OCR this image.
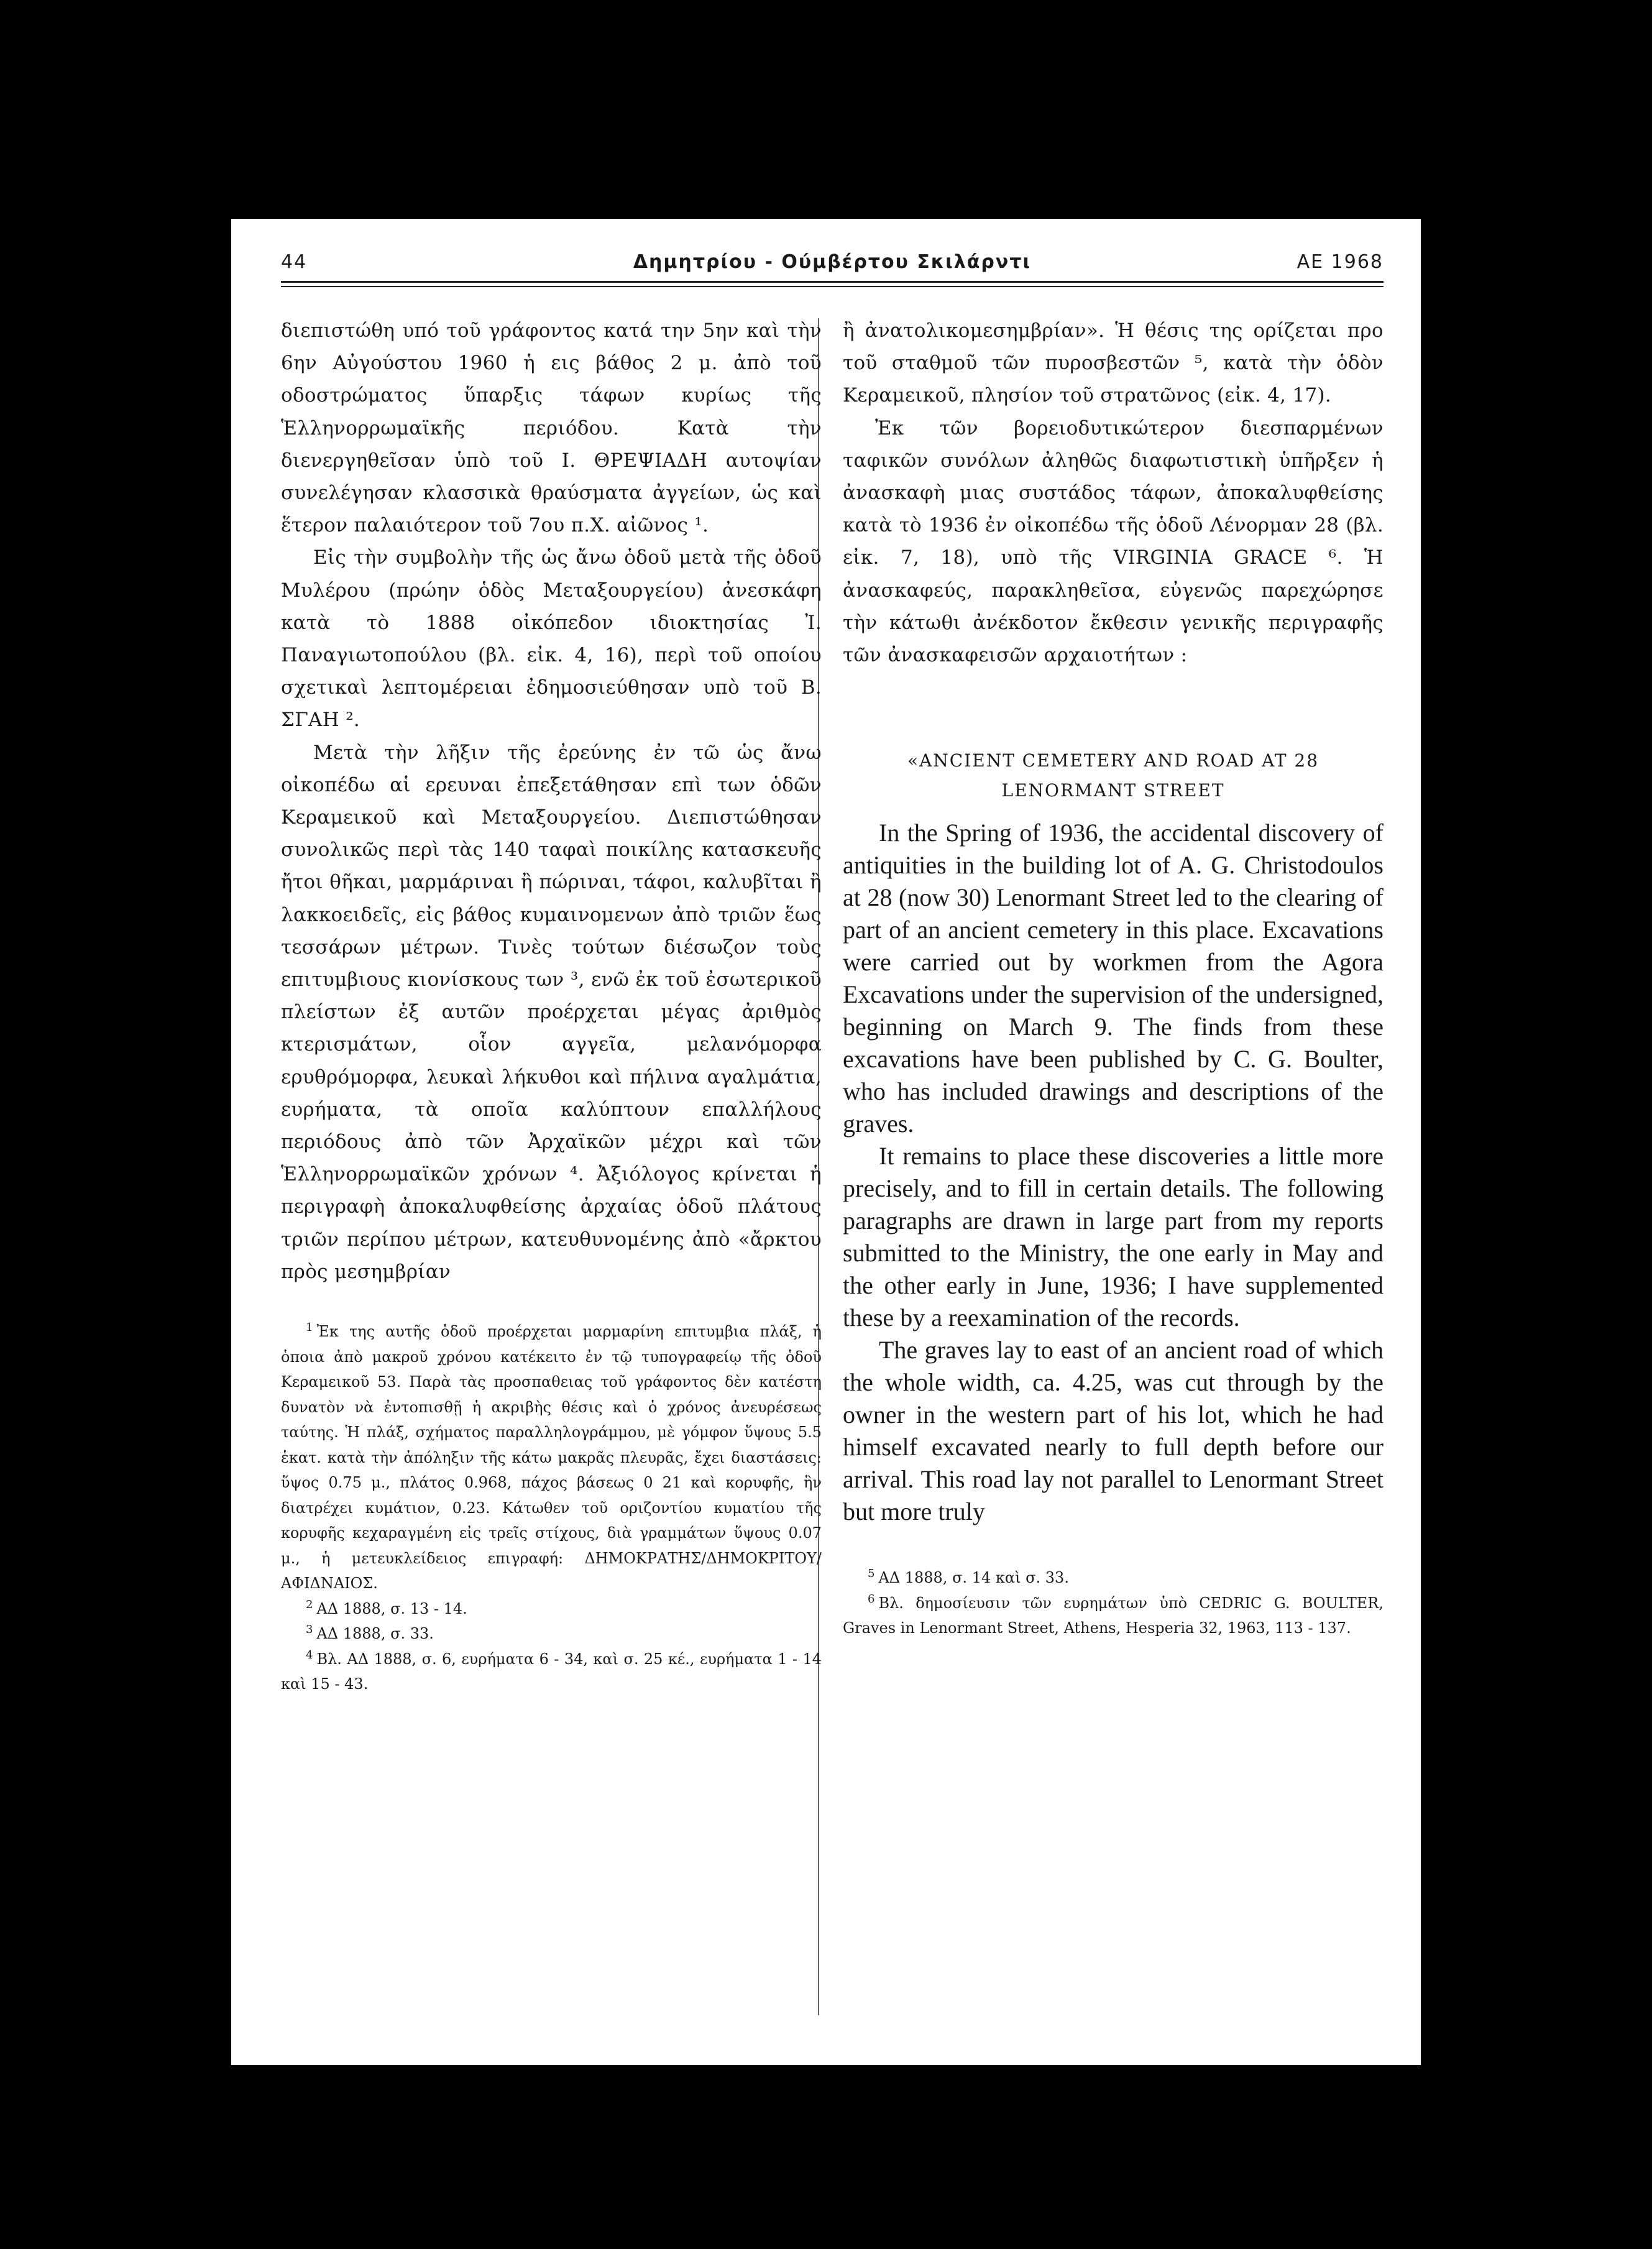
44	Δημητρίου - Ούμβέρτου Σκιλάρντι	ΑΕ 1968

διεπιστώθη υπό τοῦ γράφοντος κατά την 5ην καὶ τὴν 6ην Αὐγούστου 1960 ἡ εις βάθος 2 μ. ἀπὸ τοῦ οδοστρώματος ὕπαρξις τάφων κυρίως τῆς Ἑλληνορρωμαϊκῆς περιόδου. Κατὰ τὴν διενεργηθεῖσαν ὑπὸ τοῦ Ι. ΘΡΕΨΙΑΔΗ αυτοψίαν συνελέγησαν κλασσικὰ θραύσματα ἀγγείων, ὡς καὶ ἕτερον παλαιότερον τοῦ 7ου π.Χ. αἰῶνος ¹.

Εἰς τὴν συμβολὴν τῆς ὡς ἄνω ὁδοῦ μετὰ τῆς ὁδοῦ Μυλέρου (πρώην ὁδὸς Μεταξουργείου) ἀνεσκάφη κατὰ τὸ 1888 οἰκόπεδον ιδιοκτησίας Ἰ. Παναγιωτοπούλου (βλ. εἰκ. 4, 16), περὶ τοῦ οποίου σχετικαὶ λεπτομέρειαι ἐδημοσιεύθησαν υπὸ τοῦ Β. ΣΓΑΗ ².

Μετὰ τὴν λῆξιν τῆς ἐρεύνης ἐν τῶ ὡς ἄνω οἰκοπέδω αἱ ερευναι ἐπεξετάθησαν επὶ των ὁδῶν Κεραμεικοῦ καὶ Μεταξουργείου. Διεπιστώθησαν συνολικῶς περὶ τὰς 140 ταφαὶ ποικίλης κατασκευῆς ἤτοι θῆκαι, μαρμάριναι ἢ πώριναι, τάφοι, καλυβῖται ἢ λακκοειδεῖς, εἰς βάθος κυμαινομενων ἀπὸ τριῶν ἕως τεσσάρων μέτρων. Τινὲς τούτων διέσωζον τοὺς επιτυμβιους κιονίσκους των ³, ενῶ ἐκ τοῦ ἐσωτερικοῦ πλείστων ἐξ αυτῶν προέρχεται μέγας ἀριθμὸς κτερισμάτων, οἷον αγγεῖα, μελανόμορφα ερυθρόμορφα, λευκαὶ λήκυθοι καὶ πήλινα αγαλμάτια, ευρήματα, τὰ οποῖα καλύπτουν επαλλήλους περιόδους ἀπὸ τῶν Ἀρχαϊκῶν μέχρι καὶ τῶν Ἑλληνορρωμαϊκῶν χρόνων ⁴. Ἀξιόλογος κρίνεται ἡ περιγραφὴ ἀποκαλυφθείσης ἀρχαίας ὁδοῦ πλάτους τριῶν περίπου μέτρων, κατευθυνομένης ἀπὸ «ἄρκτου πρὸς μεσημβρίαν

$^1$ Ἐκ της αυτῆς ὁδοῦ προέρχεται μαρμαρίνη επιτυμβια πλάξ, ἡ ὁποια ἀπὸ μακροῦ χρόνου κατέκειτο ἐν τῷ τυπογραφείῳ τῆς ὁδοῦ Κεραμεικοῦ 53. Παρὰ τὰς προσπαθειας τοῦ γράφοντος δὲν κατέστη δυνατὸν νὰ ἐντοπισθῇ ἡ ακριβὴς θέσις καὶ ὁ χρόνος ἀνευρέσεως ταύτης. Ἡ πλάξ, σχήματος παραλληλογράμμου, μὲ γόμφον ὕψους 5.5 ἑκατ. κατὰ τὴν ἀπόληξιν τῆς κάτω μακρᾶς πλευρᾶς, ἔχει διαστάσεις: ὕψος 0.75 μ., πλάτος 0.968, πάχος βάσεως 0 21 καὶ κορυφῆς, ἣν διατρέχει κυμάτιον, 0.23. Κάτωθεν τοῦ οριζοντίου κυματίου τῆς κορυφῆς κεχαραγμένη εἰς τρεῖς στίχους, διὰ γραμμάτων ὕψους 0.07 μ., ἡ μετευκλείδειος επιγραφή: ΔΗΜΟΚΡΑΤΗΣ/ΔΗΜΟΚΡΙΤΟΥ/ ΑΦΙΔΝΑΙΟΣ.

$^2$ ΑΔ 1888, σ. 13 - 14.

$^3$ ΑΔ 1888, σ. 33.

$^4$ Βλ. ΑΔ 1888, σ. 6, ευρήματα 6 - 34, καὶ σ. 25 κέ., ευρήματα 1 - 14 καὶ 15 - 43.

ἢ ἀνατολικομεσημβρίαν». Ἡ θέσις της ορίζεται προ τοῦ σταθμοῦ τῶν πυροσβεστῶν ⁵, κατὰ τὴν ὁδὸν Κεραμεικοῦ, πλησίον τοῦ στρατῶνος (εἰκ. 4, 17).

Ἐκ τῶν βορειοδυτικώτερον διεσπαρμένων ταφικῶν συνόλων ἀληθῶς διαφωτιστικὴ ὑπῆρξεν ἡ ἀνασκαφὴ μιας συστάδος τάφων, ἀποκαλυφθείσης κατὰ τὸ 1936 ἐν οἰκοπέδω τῆς ὁδοῦ Λένορμαν 28 (βλ. εἰκ. 7, 18), υπὸ τῆς VIRGINIA GRACE ⁶. Ἡ ἀνασκαφεύς, παρακληθεῖσα, εὐγενῶς παρεχώρησε τὴν κάτωθι ἀνέκδοτον ἔκθεσιν γενικῆς περιγραφῆς τῶν ἀνασκαφεισῶν αρχαιοτήτων :

«ANCIENT CEMETERY AND ROAD AT 28 LENORMANT STREET

In the Spring of 1936, the accidental discovery of antiquities in the building lot of A. G. Christodoulos at 28 (now 30) Lenormant Street led to the clearing of part of an ancient cemetery in this place. Excavations were carried out by workmen from the Agora Excavations under the supervision of the undersigned, beginning on March 9. The finds from these excavations have been published by C. G. Boulter, who has included drawings and descriptions of the graves.

It remains to place these discoveries a little more precisely, and to fill in certain details. The following paragraphs are drawn in large part from my reports submitted to the Ministry, the one early in May and the other early in June, 1936; I have supplemented these by a reexamination of the records.

The graves lay to east of an ancient road of which the whole width, ca. 4.25, was cut through by the owner in the western part of his lot, which he had himself excavated nearly to full depth before our arrival. This road lay not parallel to Lenormant Street but more truly

$^5$ ΑΔ 1888, σ. 14 καὶ σ. 33.

$^6$ Βλ. δημοσίευσιν τῶν ευρημάτων ὑπὸ CEDRIC G. BOULTER, Graves in Lenormant Street, Athens, Hesperia 32, 1963, 113 - 137.
